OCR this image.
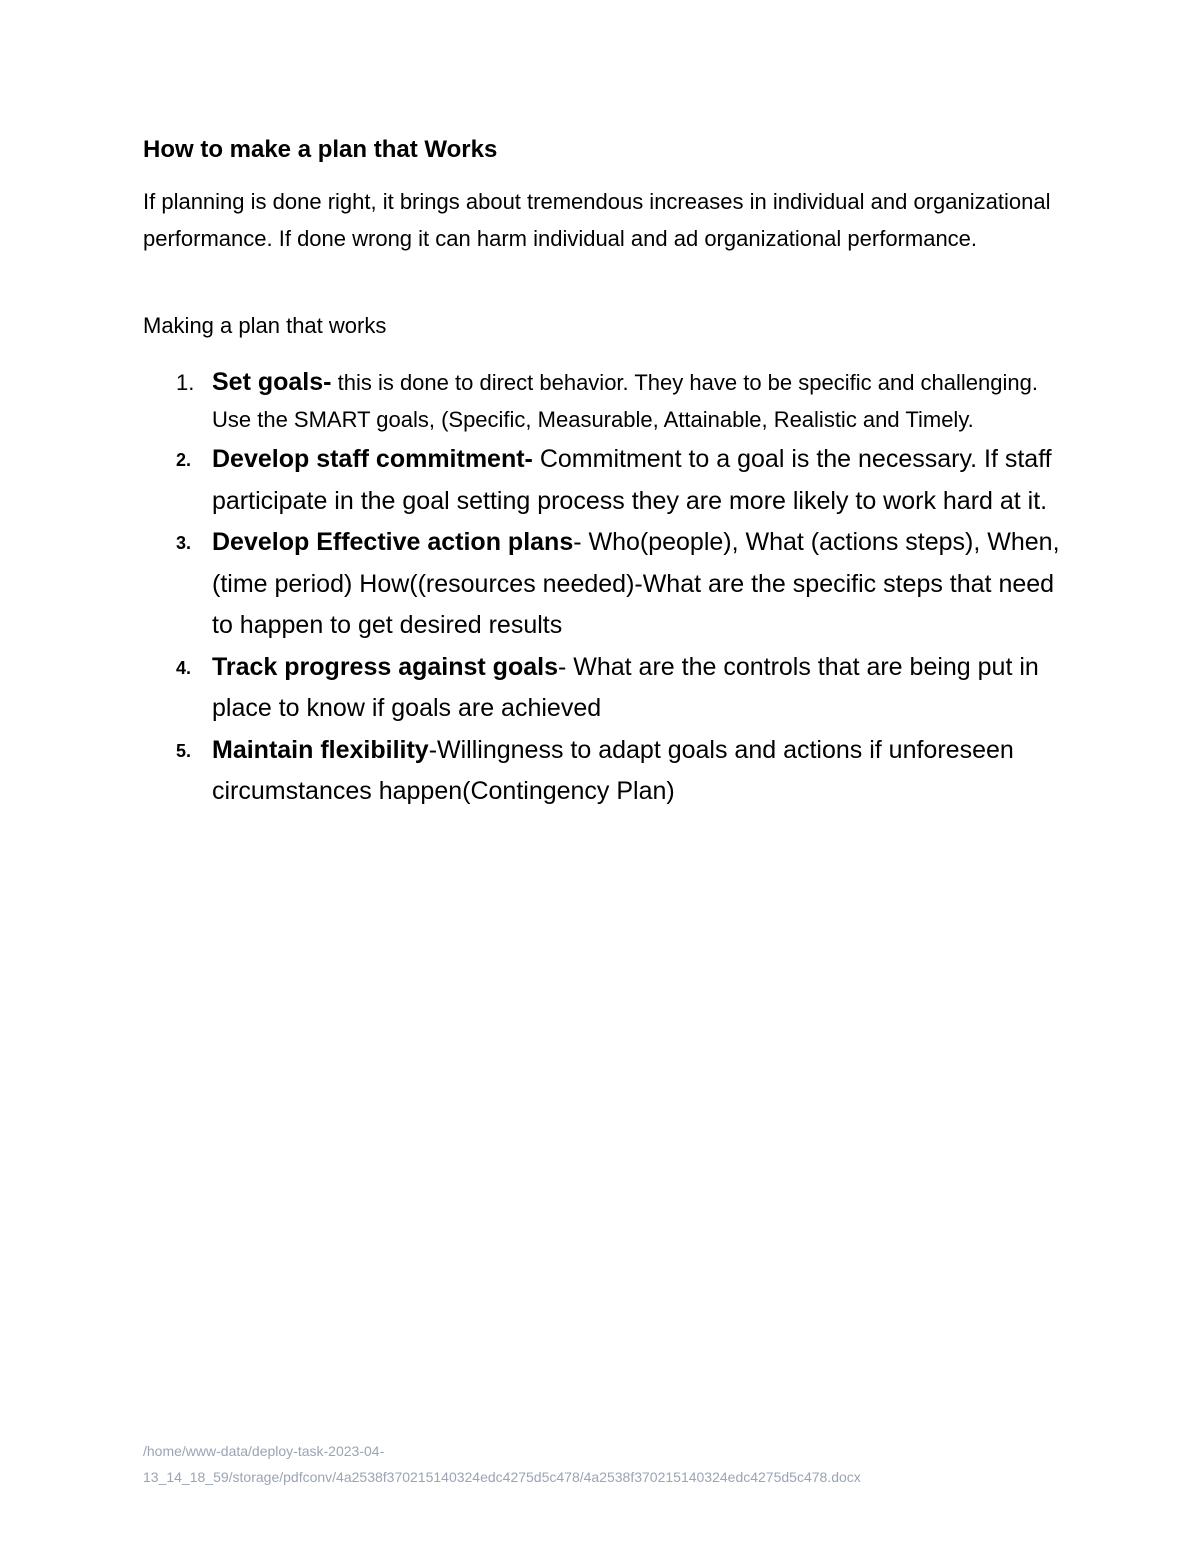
How to make a plan that Works

If planning is done right, it brings about tremendous increases in individual and organizational performance. If done wrong it can harm individual and ad organizational performance.

Making a plan that works

1. Set goals- this is done to direct behavior. They have to be specific and challenging. Use the SMART goals, (Specific, Measurable, Attainable, Realistic and Timely.
2. Develop staff commitment- Commitment to a goal is the necessary. If staff participate in the goal setting process they are more likely to work hard at it.
3. Develop Effective action plans- Who(people), What (actions steps), When,(time period) How((resources needed)-What are the specific steps that need to happen to get desired results
4. Track progress against goals- What are the controls that are being put in place to know if goals are achieved
5. Maintain flexibility-Willingness to adapt goals and actions if unforeseen circumstances happen(Contingency Plan)

/home/www-data/deploy-task-2023-04-
13_14_18_59/storage/pdfconv/4a2538f370215140324edc4275d5c478/4a2538f370215140324edc4275d5c478.docx
